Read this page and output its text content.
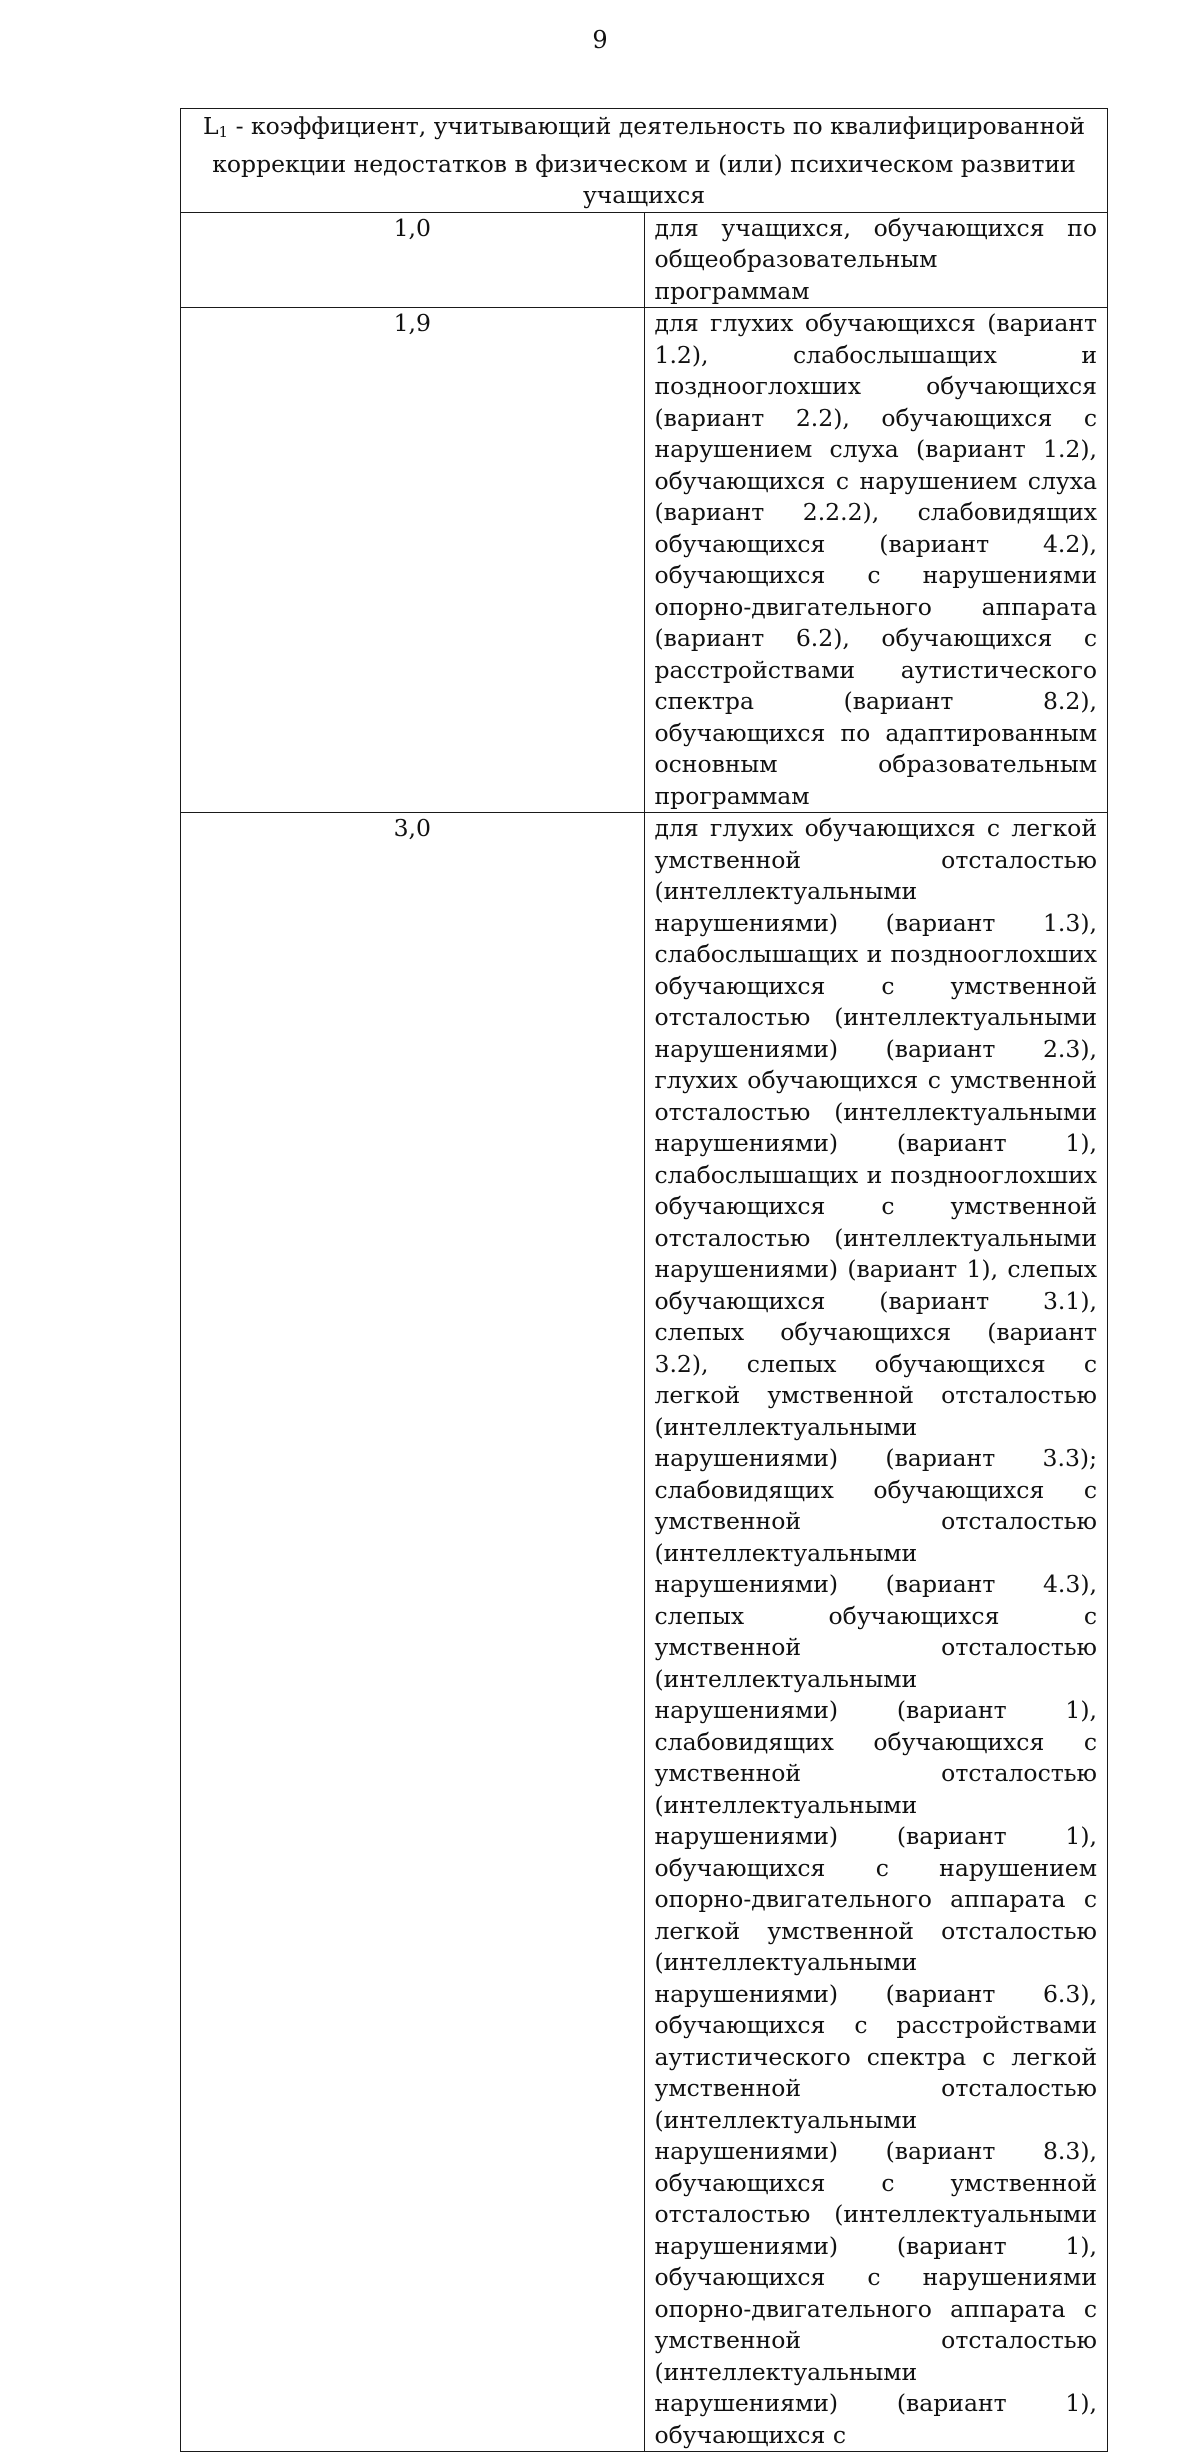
9
$L_1$ - коэффициент, учитывающий деятельность по квалифицированной коррекции недостатков в физическом и (или) психическом развитии учащихся	
1,0	для учащихся, обучающихся по общеобразовательным программам
1,9	для глухих обучающихся (вариант 1.2), слабослышащих и позднооглохших обучающихся (вариант 2.2), обучающихся с нарушением слуха (вариант 1.2), обучающихся с нарушением слуха (вариант 2.2.2), слабовидящих обучающихся (вариант 4.2), обучающихся с нарушениями опорно-двигательного аппарата (вариант 6.2), обучающихся с расстройствами аутистического спектра (вариант 8.2), обучающихся по адаптированным основным образовательным программам
3,0	для глухих обучающихся с легкой умственной отсталостью (интеллектуальными нарушениями) (вариант 1.3), слабослышащих и позднооглохших обучающихся с умственной отсталостью (интеллектуальными нарушениями) (вариант 2.3), глухих обучающихся с умственной отсталостью (интеллектуальными нарушениями) (вариант 1), слабослышащих и позднооглохших обучающихся с умственной отсталостью (интеллектуальными нарушениями) (вариант 1), слепых обучающихся (вариант 3.1), слепых обучающихся (вариант 3.2), слепых обучающихся с легкой умственной отсталостью (интеллектуальными нарушениями) (вариант 3.3); слабовидящих обучающихся с умственной отсталостью (интеллектуальными нарушениями) (вариант 4.3), слепых обучающихся с умственной отсталостью (интеллектуальными нарушениями) (вариант 1), слабовидящих обучающихся с умственной отсталостью (интеллектуальными нарушениями) (вариант 1), обучающихся с нарушением опорно-двигательного аппарата с легкой умственной отсталостью (интеллектуальными нарушениями) (вариант 6.3), обучающихся с расстройствами аутистического спектра с легкой умственной отсталостью (интеллектуальными нарушениями) (вариант 8.3), обучающихся с умственной отсталостью (интеллектуальными нарушениями) (вариант 1), обучающихся с нарушениями опорно-двигательного аппарата с умственной отсталостью (интеллектуальными нарушениями) (вариант 1), обучающихся с
